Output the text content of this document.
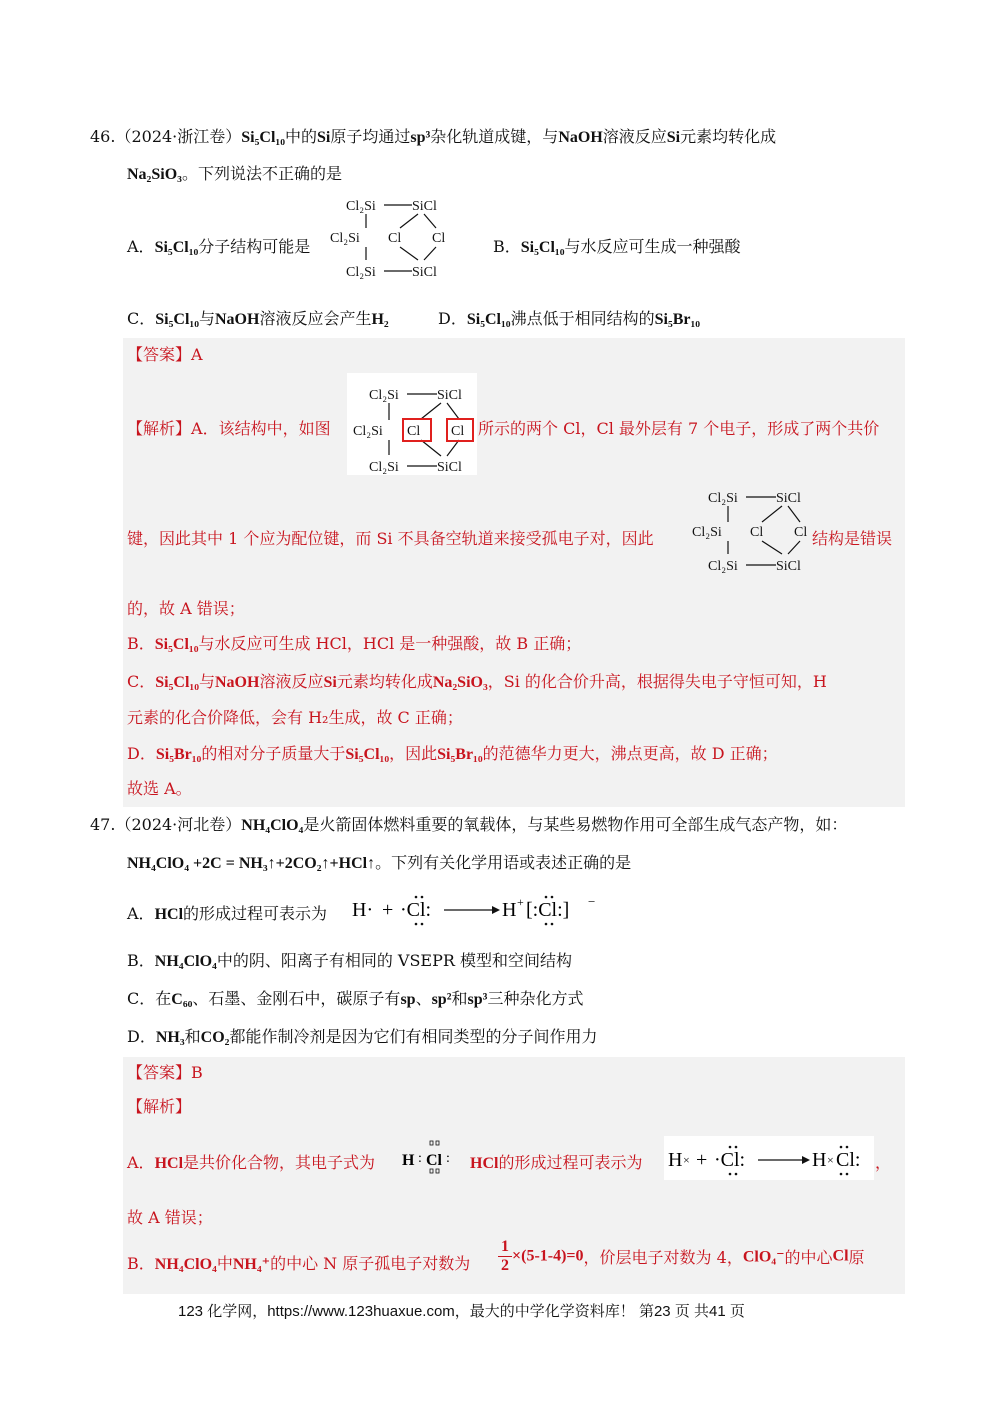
46.（2024·浙江卷）Si₅Cl₁₀中的Si原子均通过sp³杂化轨道成键，与NaOH溶液反应Si元素均转化成
Na₂SiO₃。下列说法不正确的是
A．Si₅Cl₁₀分子结构可能是
Cl₂Si	SiCl
Cl₂Si Cl Cl
Cl₂Si	SiCl
B．Si₅Cl₁₀与水反应可生成一种强酸
C．Si₅Cl₁₀与NaOH溶液反应会产生H₂	D．Si₅Cl₁₀沸点低于相同结构的Si₅Br₁₀
【答案】A
【解析】A．该结构中，如图
Cl₂Si	SiCl
Cl₂Si Cl Cl
Cl₂Si	SiCl
所示的两个 Cl，Cl 最外层有 7 个电子，形成了两个共价
键，因此其中 1 个应为配位键，而 Si 不具备空轨道来接受孤电子对，因此
Cl₂Si	SiCl
Cl₂Si Cl Cl
Cl₂Si	SiCl
结构是错误
的，故 A 错误；
B．Si₅Cl₁₀与水反应可生成 HCl，HCl 是一种强酸，故 B 正确；
C．Si₅Cl₁₀与NaOH溶液反应Si元素均转化成Na₂SiO₃，Si 的化合价升高，根据得失电子守恒可知，H
元素的化合价降低，会有 H₂生成，故 C 正确；
D．Si₅Br₁₀的相对分子质量大于Si₅Cl₁₀，因此Si₅Br₁₀的范德华力更大，沸点更高，故 D 正确；
故选 A。
47.（2024·河北卷）NH₄ClO₄是火箭固体燃料重要的氧载体，与某些易燃物作用可全部生成气态产物，如：
NH₄ClO₄ +2C = NH₃↑+2CO₂↑+HCl↑。下列有关化学用语或表述正确的是
A．HCl的形成过程可表示为 H· + ·Cl:	H + [:Cl:] −
B．NH₄ClO₄中的阴、阳离子有相同的 VSEPR 模型和空间结构
C．在C₆₀、石墨、金刚石中，碳原子有sp、sp²和sp³三种杂化方式
D．NH₃和CO₂都能作制冷剂是因为它们有相同类型的分子间作用力
【答案】B
【解析】
A．HCl是共价化合物，其电子式为 H Cl :
:	HCl的形成过程可表示为 H × + ·Cl:	H × Cl: ，
故 A 错误；
B．NH₄ClO₄中NH₄⁺的中心 N 原子孤电子对数为 $\frac{1}{2} \times(5-1-4)=0$，价层电子对数为 4，ClO₄⁻的中心Cl原
123 化学网，https://www.123huaxue.com，最大的中学化学资料库！ 第23 页 共41 页
